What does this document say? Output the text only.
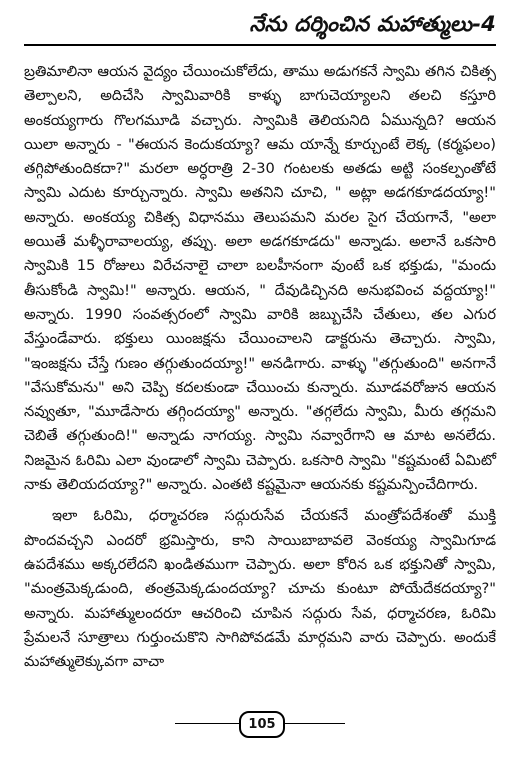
నేను దర్శించిన మహాత్ములు-4

బ్రతిమాలినా ఆయన వైద్యం చేయించుకోలేదు, తాము అడుగకనే స్వామి తగిన చికిత్స తెల్పాలని, అదిచేసి స్వామివారికి కాళ్ళు బాగుచెయ్యాలని తలచి కస్తూరి అంకయ్యగారు గొలగమూడి వచ్చారు. స్వామికి తెలియనిది ఏమున్నది? ఆయన యిలా అన్నారు - "ఈయన కెందుకయ్యా? ఆమ యాన్నే కూర్చుంటే లెక్క (కర్మఫలం) తగ్గిపోతుందికదా?" మరలా అర్ధరాత్రి 2-30 గంటలకు అతడు అట్టి సంకల్పంతోటే స్వామి ఎదుట కూర్చున్నారు. స్వామి అతనిని చూచి, " అట్లా అడగకూడదయ్యా!" అన్నారు. అంకయ్య చికిత్స విధానము తెలుపమని మరల సైగ చేయగానే, "అలా అయితే మళ్ళీరావాలయ్య, తప్పు. అలా అడగకూడదు" అన్నాడు. అలానే ఒకసారి స్వామికి 15 రోజులు విరేచనాలై చాలా బలహీనంగా వుంటే ఒక భక్తుడు, "మందు తీసుకోండి స్వామి!" అన్నారు. ఆయన, " దేవుడిచ్చినది అనుభవించ వద్దయ్యా!" అన్నారు. 1990 సంవత్సరంలో స్వామి వారికి జబ్బుచేసి చేతులు, తల ఎగుర వేస్తుండేవారు. భక్తులు యింజక్షను చేయించాలని డాక్టరును తెచ్చారు. స్వామి, "ఇంజక్షను చేస్తే గుణం తగ్గుతుందయ్యా!" అనడిగారు. వాళ్ళు "తగ్గుతుంది" అనగానే "వేసుకోమను" అని చెప్పి కదలకుండా చేయించు కున్నారు. మూడవరోజున ఆయన నవ్వుతూ, "మూడేసారు తగ్గిందయ్యా" అన్నారు. "తగ్గలేదు స్వామి, మీరు తగ్గమని చెబితే తగ్గుతుంది!" అన్నాడు నాగయ్య. స్వామి నవ్వారేగాని ఆ మాట అనలేదు. నిజమైన ఓరిమి ఎలా వుండాలో స్వామి చెప్పారు. ఒకసారి స్వామి "కష్టమంటే ఏమిటో నాకు తెలియదయ్యా?" అన్నారు. ఎంతటి కష్టమైనా ఆయనకు కష్టమన్పించేదిగారు.

ఇలా ఓరిమి, ధర్మాచరణ సద్గురుసేవ చేయకనే మంత్రోపదేశంతో ముక్తి పొందవచ్చని ఎందరో భ్రమిస్తారు, కాని సాయిబాబావలె వెంకయ్య స్వామిగూడ ఉపదేశము అక్కరలేదని ఖండితముగా చెప్పారు. అలా కోరిన ఒక భక్తునితో స్వామి, "మంత్రమెక్కడుంది, తంత్రమెక్కడుందయ్యా? చూచు కుంటూ పోయేదేకదయ్యా?" అన్నారు. మహాత్ములందరూ ఆచరించి చూపిన సద్గురు సేవ, ధర్మాచరణ, ఓరిమి ప్రేమలనే సూత్రాలు గుర్తుంచుకొని సాగిపోవడమే మార్గమని వారు చెప్పారు. అందుకే మహాత్ములెక్కువగా వాచా

105
